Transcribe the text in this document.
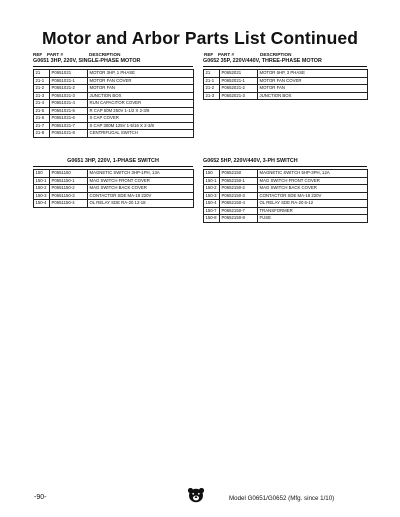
Motor and Arbor Parts List Continued
REF PART #	DESCRIPTION	REF PART #	DESCRIPTION
G0651 3HP, 220V, SINGLE-PHASE MOTOR
21	P0651021	MOTOR 3HP, 1 PHASE
21-1	P0651021-1	MOTOR FAN COVER
21-2	P0651021-2	MOTOR FAN
21-3	P0651021-3	JUNCTION BOX
21-4	P0651021-4	RUN CAPACITOR COVER
21-5	P0651021-5	R CAP 50M 250V 1-1/2 X 2-3/8
21-6	P0651021-6	S CAP COVER
21-7	P0651021-7	S CAP 300M 125V 1-5/16 X 2-3/8
21-8	P0651021-8	CENTRIFUGAL SWITCH
G0652 35P, 220V/440V, THREE-PHASE MOTOR
21	P0652021	MOTOR 5HP, 3 PHASE
21-1	P0652021-1	MOTOR FAN COVER
21-2	P0652021-2	MOTOR FAN
21-3	P0652021-3	JUNCTION BOX
G0651 3HP, 220V, 1-PHASE SWITCH
150	P0651150	MAGNETIC SWITCH 3HP-1PH, 13A
150-1	P0651150-1	MAG SWITCH FRONT COVER
150-2	P0651150-2	MAG SWITCH BACK COVER
150-3	P0651150-3	CONTACTOR SDE MA-18 220V
150-4	P0651150-4	OL RELAY SDE RA-20 12-18
G0652 5HP, 220V/440V, 3-PH SWITCH
150	P0652150	MAGNETIC SWITCH 5HP-3PH, 12A
150-1	P0652150-1	MAG SWITCH FRONT COVER
150-2	P0652150-2	MAG SWITCH BACK COVER
150-3	P0652150-3	CONTACTOR SDE MA-18 220V
150-4	P0652150-4	OL RELAY SDE RA-20 6-12
150-7	P0652150-7	TRANSFORMER
150-8	P0652150-8	FUSE
-90-	Model G0651/G0652 (Mfg. since 1/10)
